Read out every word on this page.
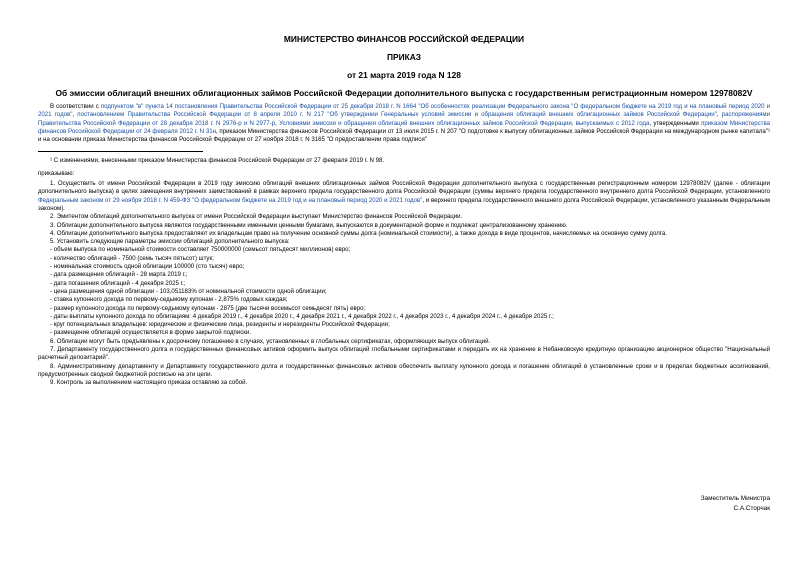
МИНИСТЕРСТВО ФИНАНСОВ РОССИЙСКОЙ ФЕДЕРАЦИИ
ПРИКАЗ
от 21 марта 2019 года N 128
Об эмиссии облигаций внешних облигационных займов Российской Федерации дополнительного выпуска с государственным регистрационным номером 12978082V

В соответствии с подпунктом "в" пункта 14 постановления Правительства Российской Федерации от 25 декабря 2018 г. N 1664 "Об особенностях реализации Федерального закона "О федеральном бюджете на 2019 год и на плановый период 2020 и 2021 годов", постановлением Правительства Российской Федерации от 8 апреля 2010 г. N 217 "Об утверждении Генеральных условий эмиссии и обращения облигаций внешних облигационных займов Российской Федерации", распоряжениями Правительства Российской Федерации от 28 декабря 2018 г. N 2976-р и N 2977-р, Условиями эмиссии и обращения облигаций внешних облигационных займов Российской Федерации, выпускаемых с 2012 года, утвержденными приказом Министерства финансов Российской Федерации от 24 февраля 2012 г. N 31н, приказом Министерства финансов Российской Федерации от 13 июля 2015 г. N 207 "О подготовке к выпуску облигационных займов Российской Федерации на международном рынке капитала"¹ и на основании приказа Министерства финансов Российской Федерации от 27 ноября 2018 г. N 3165 "О предоставлении права подписи"

¹ С изменениями, внесенными приказом Министерства финансов Российской Федерации от 27 февраля 2019 г. N 98.

приказываю:

1. Осуществить от имени Российской Федерации в 2019 году эмиссию облигаций внешних облигационных займов Российской Федерации дополнительного выпуска с государственным регистрационным номером 12978082V (далее - облигации дополнительного выпуска) в целях замещения внутренних заимствований в рамках верхнего предела государственного долга Российской Федерации (суммы верхнего предела государственного внутреннего долга Российской Федерации, установленного Федеральным законом от 29 ноября 2018 г. N 459-ФЗ "О федеральном бюджете на 2019 год и на плановый период 2020 и 2021 годов", и верхнего предела государственного внешнего долга Российской Федерации, установленного указанным Федеральным законом).

2. Эмитентом облигаций дополнительного выпуска от имени Российской Федерации выступает Министерство финансов Российской Федерации.

3. Облигации дополнительного выпуска являются государственными именными ценными бумагами, выпускаются в документарной форме и подлежат централизованному хранению.

4. Облигации дополнительного выпуска предоставляют их владельцам право на получение основной суммы долга (номинальной стоимости), а также дохода в виде процентов, начисляемых на основную сумму долга.

5. Установить следующие параметры эмиссии облигаций дополнительного выпуска:

- объем выпуска по номинальной стоимости составляет 750000000 (семьсот пятьдесят миллионов) евро;

- количество облигаций - 7500 (семь тысяч пятьсот) штук;

- номинальная стоимость одной облигации 100000 (сто тысяч) евро;

- дата размещения облигаций - 28 марта 2019 г.;

- дата погашения облигаций - 4 декабря 2025 г.;

- цена размещения одной облигации - 103,051183% от номинальной стоимости одной облигации;

- ставка купонного дохода по первому-седьмому купонам - 2,875% годовых каждая;

- размер купонного дохода по первому-седьмому купонам - 2875 (две тысячи восемьсот семьдесят пять) евро;

- даты выплаты купонного дохода по облигациям: 4 декабря 2019 г., 4 декабря 2020 г., 4 декабря 2021 г., 4 декабря 2022 г., 4 декабря 2023 г., 4 декабря 2024 г., 4 декабря 2025 г.;

- круг потенциальных владельцев: юридические и физические лица, резиденты и нерезиденты Российской Федерации;

- размещение облигаций осуществляется в форме закрытой подписки.

6. Облигации могут быть предъявлены к досрочному погашению в случаях, установленных в глобальных сертификатах, оформляющих выпуск облигаций.

7. Департаменту государственного долга и государственных финансовых активов оформить выпуск облигаций глобальными сертификатами и передать их на хранение в Небанковскую кредитную организацию акционерное общество "Национальный расчетный депозитарий".

8. Административному департаменту и Департаменту государственного долга и государственных финансовых активов обеспечить выплату купонного дохода и погашение облигаций в установленные сроки и в пределах бюджетных ассигнований, предусмотренных сводной бюджетной росписью на эти цели.

9. Контроль за выполнением настоящего приказа оставляю за собой.

Заместитель Министра
С.А.Сторчак
